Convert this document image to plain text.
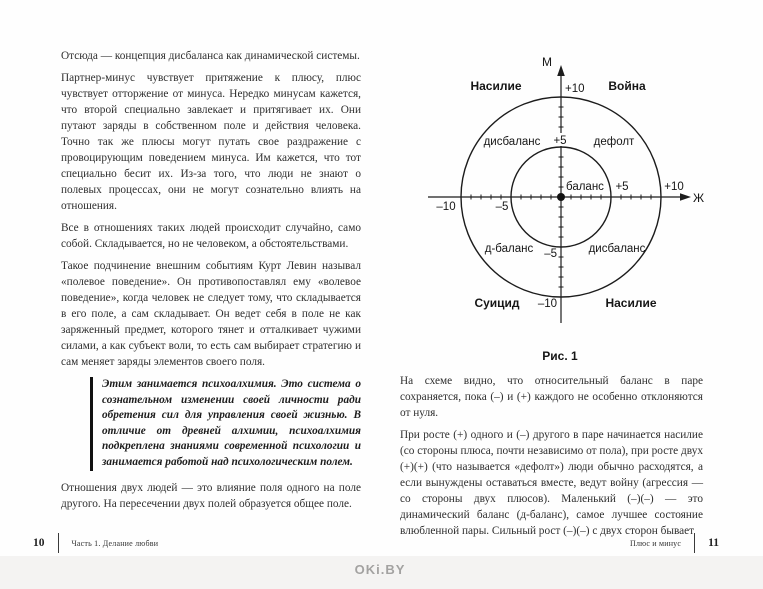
Отсюда — концепция дисбаланса как динамической системы.

Партнер-минус чувствует притяжение к плюсу, плюс чувствует отторжение от минуса. Нередко минусам кажется, что второй специально завлекает и притягивает их. Они путают заряды в собственном поле и действия человека. Точно так же плюсы могут путать свое раздражение с провоцирующим поведением минуса. Им кажется, что тот специально бесит их. Из-за того, что люди не знают о полевых процессах, они не могут сознательно влиять на отношения.

Все в отношениях таких людей происходит случайно, само собой. Складывается, но не человеком, а обстоятельствами.

Такое подчинение внешним событиям Курт Левин называл «полевое поведение». Он противопоставлял ему «волевое поведение», когда человек не следует тому, что складывается в его поле, а сам складывает. Он ведет себя в поле не как заряженный предмет, которого тянет и отталкивает чужими силами, а как субъект воли, то есть сам выбирает стратегию и сам меняет заряды элементов своего поля.

Этим занимается психоалхимия. Это система о сознательном изменении своей личности ради обретения сил для управления своей жизнью. В отличие от древней алхимии, психоалхимия подкреплена знаниями современной психологии и занимается работой над психологическим полем.

Отношения двух людей — это влияние поля одного на поле другого. На пересечении двух полей образуется общее поле.

10	Часть 1. Делание любви
М
Ж
+10
+5
–5
–10
–10	–5
+5	+10
баланс
Насилие	Война
Суицид	Насилие
дисбаланс	дефолт
д-баланс	дисбаланс
Рис. 1

На схеме видно, что относительный баланс в паре сохраняется, пока (–) и (+) каждого не особенно отклоняются от нуля.

При росте (+) одного и (–) другого в паре начинается насилие (со стороны плюса, почти независимо от пола), при росте двух (+)(+) (что называется «дефолт») люди обычно расходятся, а если вынуждены оставаться вместе, ведут войну (агрессия — со стороны двух плюсов). Маленький (–)(–) — это динамический баланс (д-баланс), самое лучшее состояние влюбленной пары. Сильный рост (–)(–) с двух сторон бывает

Плюс и минус 11
OKi.BY
